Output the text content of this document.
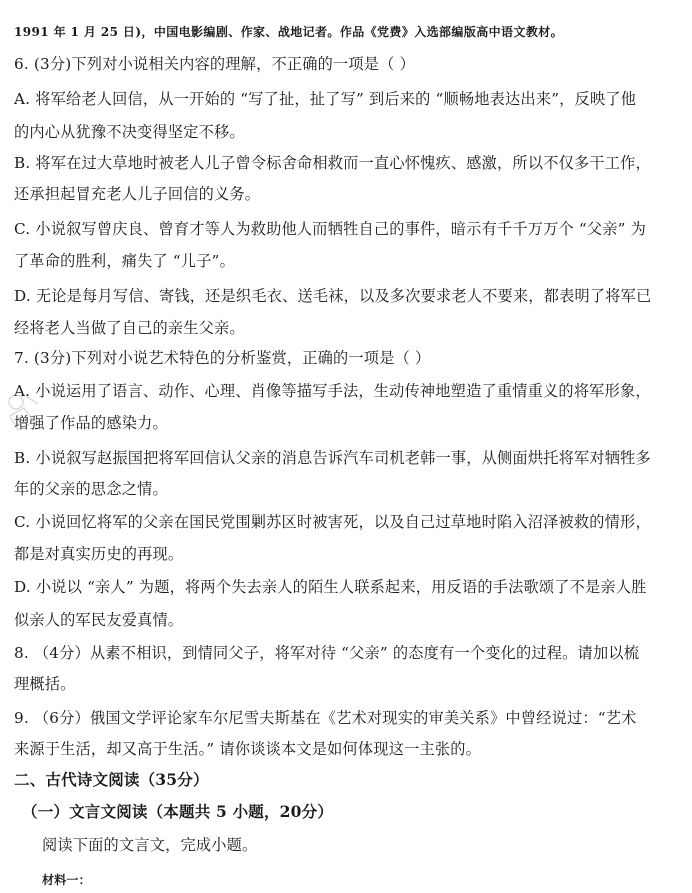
1991 年 1 月 25 日)，中国电影编剧、作家、战地记者。作品《党费》入选部编版高中语文教材。
6. (3分)下列对小说相关内容的理解，不正确的一项是（ ）
A. 将军给老人回信，从一开始的 “写了扯，扯了写” 到后来的 “顺畅地表达出来”，反映了他
的内心从犹豫不决变得坚定不移。
B. 将军在过大草地时被老人儿子曾令标舍命相救而一直心怀愧疚、感激，所以不仅多干工作，
还承担起冒充老人儿子回信的义务。
C. 小说叙写曾庆良、曾育才等人为救助他人而牺牲自己的事件，暗示有千千万万个 “父亲” 为
了革命的胜利，痛失了 “儿子”。
D. 无论是每月写信、寄钱，还是织毛衣、送毛袜，以及多次要求老人不要来，都表明了将军已
经将老人当做了自己的亲生父亲。
7. (3分)下列对小说艺术特色的分析鉴赏，正确的一项是（ ）
A. 小说运用了语言、动作、心理、肖像等描写手法，生动传神地塑造了重情重义的将军形象，
增强了作品的感染力。
B. 小说叙写赵振国把将军回信认父亲的消息告诉汽车司机老韩一事，从侧面烘托将军对牺牲多
年的父亲的思念之情。
C. 小说回忆将军的父亲在国民党围剿苏区时被害死，以及自己过草地时陷入沼泽被救的情形，
都是对真实历史的再现。
D. 小说以 “亲人” 为题，将两个失去亲人的陌生人联系起来，用反语的手法歌颂了不是亲人胜
似亲人的军民友爱真情。
8. （4分）从素不相识，到情同父子，将军对待 “父亲” 的态度有一个变化的过程。请加以梳
理概括。
9. （6分）俄国文学评论家车尔尼雪夫斯基在《艺术对现实的审美关系》中曾经说过：“艺术
来源于生活，却又高于生活。” 请你谈谈本文是如何体现这一主张的。
二、古代诗文阅读（35分）
（一）文言文阅读（本题共 5 小题，20分）
阅读下面的文言文，完成小题。
材料一：
